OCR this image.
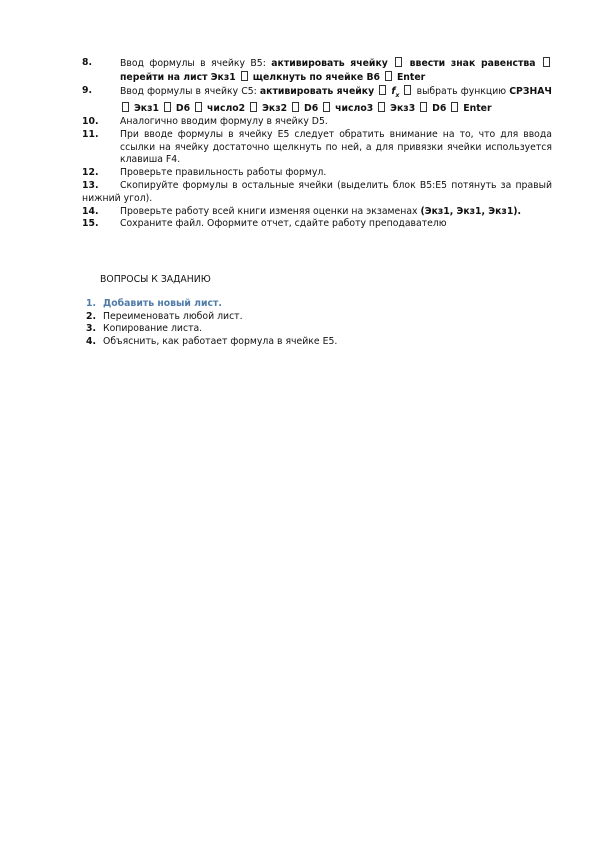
8.	Ввод формулы в ячейку В5: активировать ячейку ввести знак равенства  перейти на лист Экз1 щелкнуть по ячейке В6 Enter
9.	Ввод формулы в ячейку С5: активировать ячейку $f_x$ выбрать функцию СРЗНАЧ  Экз1 D6 число2 Экз2 D6 число3 Экз3 D6 Enter
10. Аналогично вводим формулу в ячейку D5.
11. При вводе формулы в ячейку Е5 следует обратить внимание на то, что для ввода ссылки на ячейку достаточно щелкнуть по ней, а для привязки ячейки используется клавиша F4.
12. Проверьте правильность работы формул.
13. Скопируйте формулы в остальные ячейки (выделить блок В5:Е5 потянуть за правый нижний угол).
14. Проверьте работу всей книги изменяя оценки на экзаменах (Экз1, Экз1, Экз1).
15. Сохраните файл. Оформите отчет, сдайте работу преподавателю
ВОПРОСЫ К ЗАДАНИЮ
1. Добавить новый лист.
2. Переименовать любой лист.
3. Копирование листа.
4. Объяснить, как работает формула в ячейке Е5.
